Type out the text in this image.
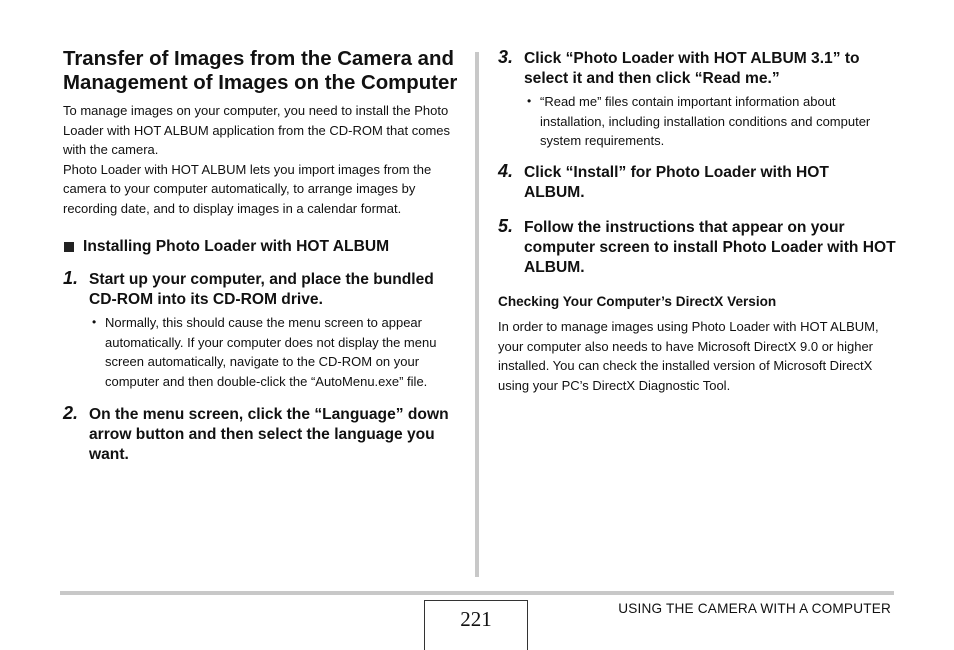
Transfer of Images from the Camera and Management of Images on the Computer

To manage images on your computer, you need to install the Photo Loader with HOT ALBUM application from the CD-ROM that comes with the camera.

Photo Loader with HOT ALBUM lets you import images from the camera to your computer automatically, to arrange images by recording date, and to display images in a calendar format.

Installing Photo Loader with HOT ALBUM
1. Start up your computer, and place the bundled CD-ROM into its CD-ROM drive.
• Normally, this should cause the menu screen to appear automatically. If your computer does not display the menu screen automatically, navigate to the CD-ROM on your computer and then double-click the “AutoMenu.exe” file.
2. On the menu screen, click the “Language” down arrow button and then select the language you want.
3. Click “Photo Loader with HOT ALBUM 3.1” to select it and then click “Read me.”
• “Read me” files contain important information about installation, including installation conditions and computer system requirements.
4. Click “Install” for Photo Loader with HOT ALBUM.
5. Follow the instructions that appear on your computer screen to install Photo Loader with HOT ALBUM.
Checking Your Computer’s DirectX Version

In order to manage images using Photo Loader with HOT ALBUM, your computer also needs to have Microsoft DirectX 9.0 or higher installed. You can check the installed version of Microsoft DirectX using your PC’s DirectX Diagnostic Tool.

221	USING THE CAMERA WITH A COMPUTER
